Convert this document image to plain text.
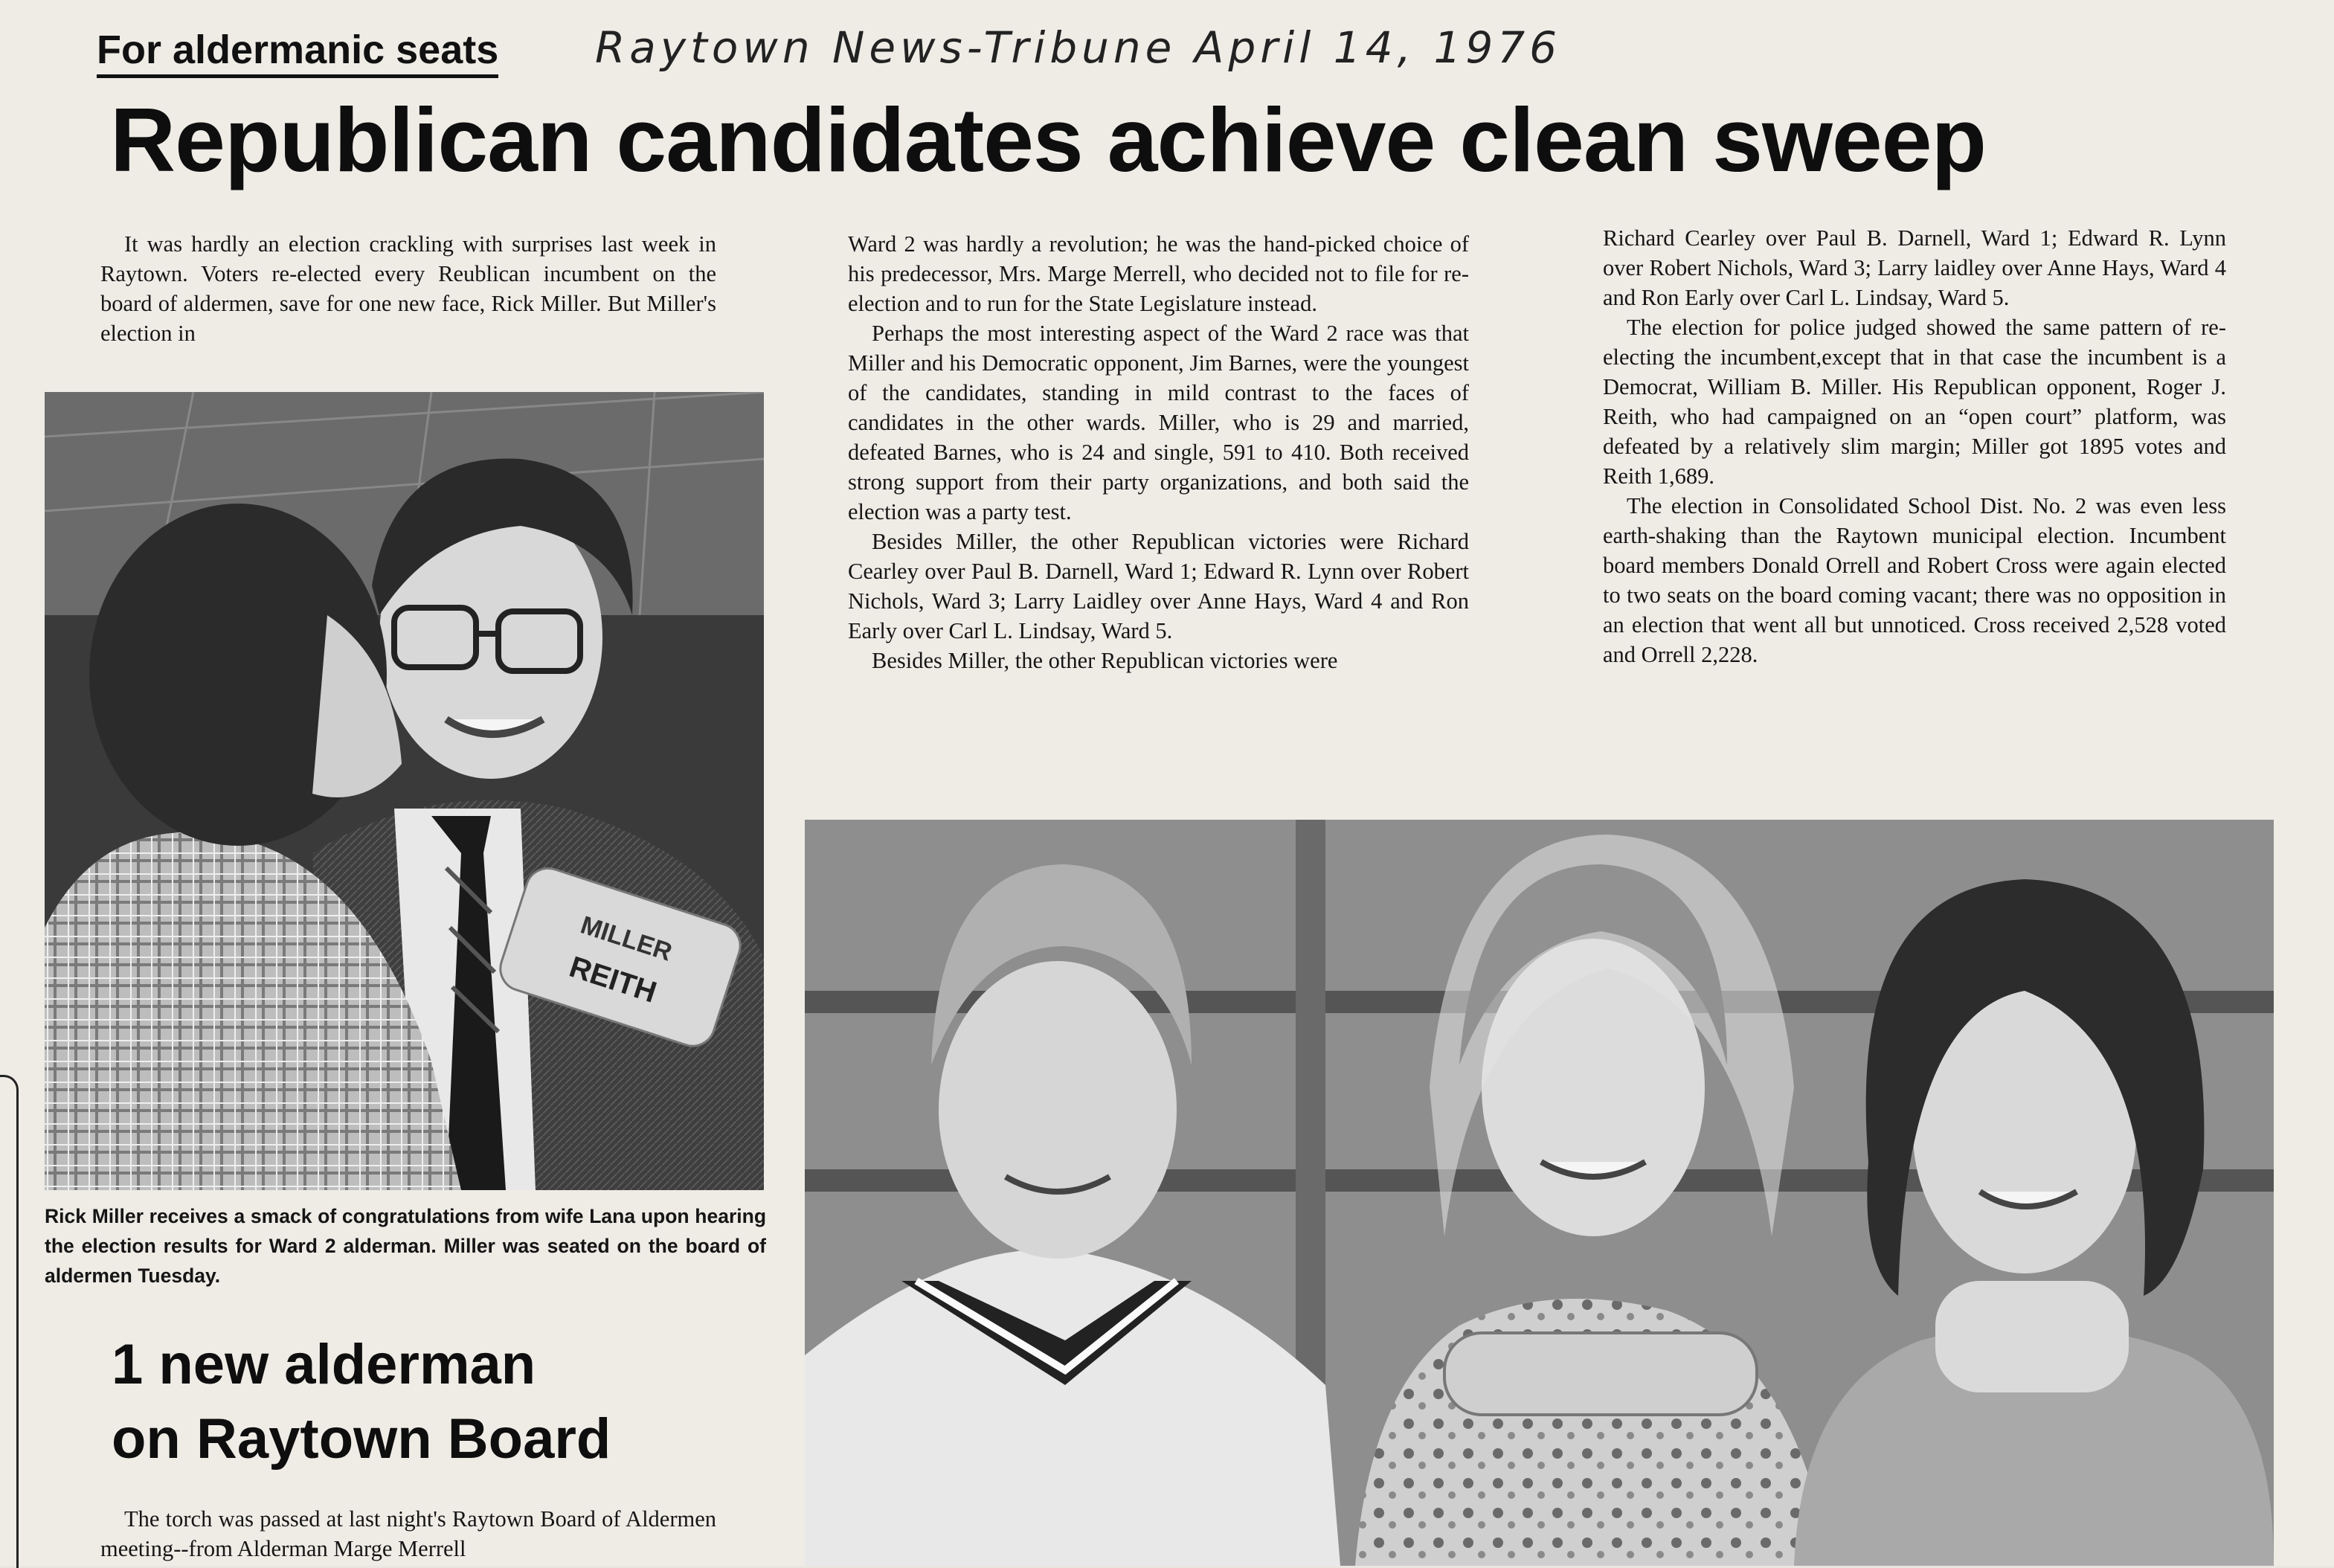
For aldermanic seats Raytown News-Tribune April 14, 1976
Republican candidates achieve clean sweep

It was hardly an election crackling with surprises last week in Raytown. Voters re-elected every Reublican incumbent on the board of aldermen, save for one new face, Rick Miller. But Miller's election in

Ward 2 was hardly a revolution; he was the hand-picked choice of his predecessor, Mrs. Marge Merrell, who decided not to file for re-election and to run for the State Legislature instead.

Perhaps the most interesting aspect of the Ward 2 race was that Miller and his Democratic opponent, Jim Barnes, were the youngest of the candidates, standing in mild contrast to the faces of candidates in the other wards. Miller, who is 29 and married, defeated Barnes, who is 24 and single, 591 to 410. Both received strong support from their party organizations, and both said the election was a party test.

Besides Miller, the other Republican victories were Richard Cearley over Paul B. Darnell, Ward 1; Edward R. Lynn over Robert Nichols, Ward 3; Larry Laidley over Anne Hays, Ward 4 and Ron Early over Carl L. Lindsay, Ward 5.

Besides Miller, the other Republican victories were

Richard Cearley over Paul B. Darnell, Ward 1; Edward R. Lynn over Robert Nichols, Ward 3; Larry laidley over Anne Hays, Ward 4 and Ron Early over Carl L. Lindsay, Ward 5.

The election for police judged showed the same pattern of re-electing the incumbent,except that in that case the incumbent is a Democrat, William B. Miller. His Republican opponent, Roger J. Reith, who had campaigned on an “open court” platform, was defeated by a relatively slim margin; Miller got 1895 votes and Reith 1,689.

The election in Consolidated School Dist. No. 2 was even less earth-shaking than the Raytown municipal election. Incumbent board members Donald Orrell and Robert Cross were again elected to two seats on the board coming vacant; there was no opposition in an election that went all but unnoticed. Cross received 2,528 voted and Orrell 2,228.

MILLER
REITH
Rick Miller receives a smack of congratulations from wife Lana upon hearing the election results for Ward 2 alderman. Miller was seated on the board of aldermen Tuesday.
1 new alderman
on Raytown Board

The torch was passed at last night's Raytown Board of Aldermen meeting--from Alderman Marge Merrell
